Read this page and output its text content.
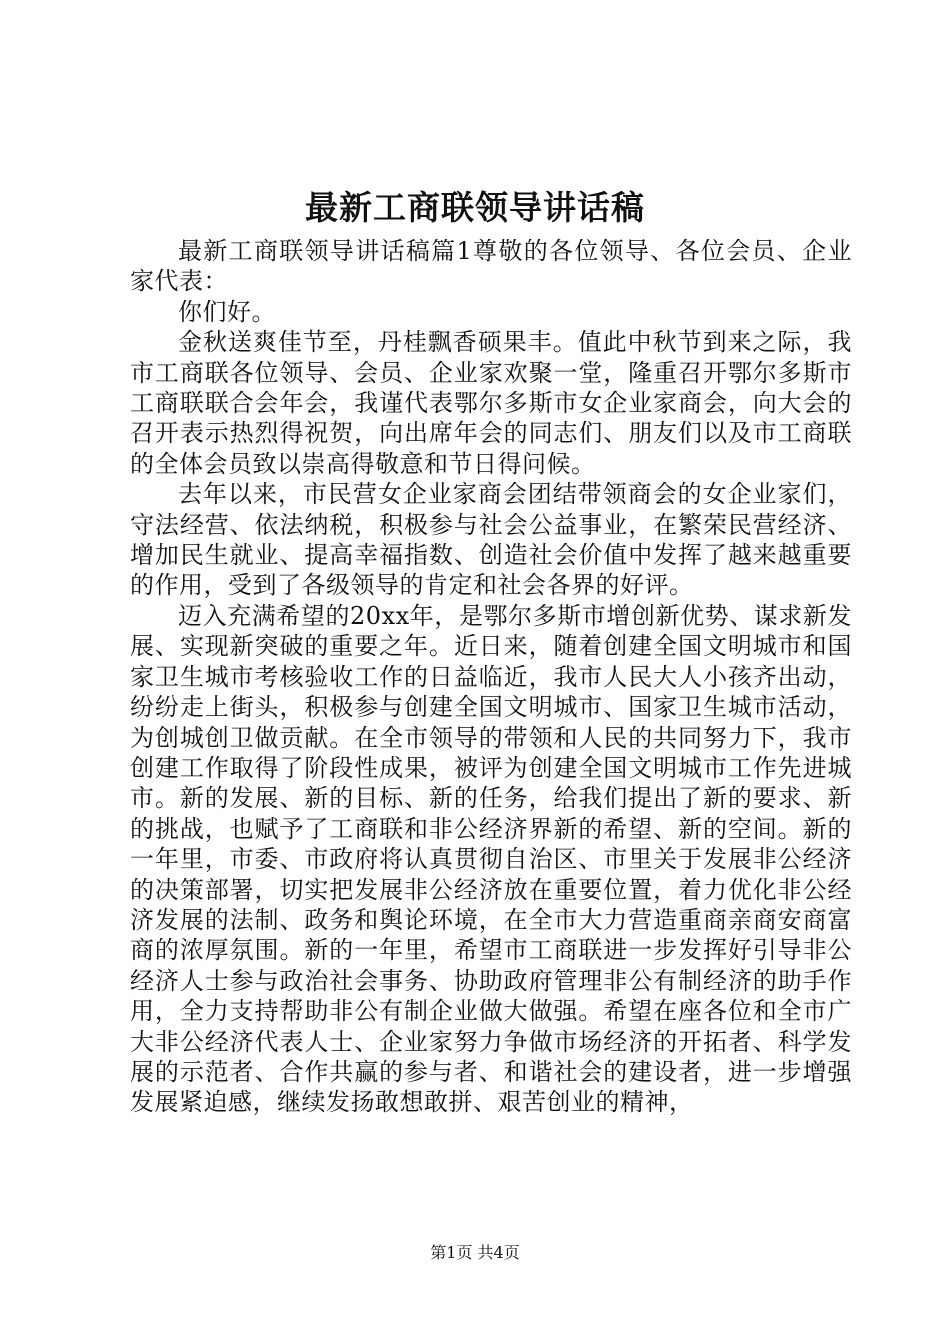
最新工商联领导讲话稿

最新工商联领导讲话稿篇1尊敬的各位领导、各位会员、企业家代表：

你们好。

金秋送爽佳节至，丹桂飘香硕果丰。值此中秋节到来之际，我市工商联各位领导、会员、企业家欢聚一堂，隆重召开鄂尔多斯市工商联联合会年会，我谨代表鄂尔多斯市女企业家商会，向大会的召开表示热烈得祝贺，向出席年会的同志们、朋友们以及市工商联的全体会员致以崇高得敬意和节日得问候。

去年以来，市民营女企业家商会团结带领商会的女企业家们，守法经营、依法纳税，积极参与社会公益事业，在繁荣民营经济、增加民生就业、提高幸福指数、创造社会价值中发挥了越来越重要的作用，受到了各级领导的肯定和社会各界的好评。

迈入充满希望的20xx年，是鄂尔多斯市增创新优势、谋求新发展、实现新突破的重要之年。近日来，随着创建全国文明城市和国家卫生城市考核验收工作的日益临近，我市人民大人小孩齐出动，纷纷走上街头，积极参与创建全国文明城市、国家卫生城市活动，为创城创卫做贡献。在全市领导的带领和人民的共同努力下，我市创建工作取得了阶段性成果，被评为创建全国文明城市工作先进城市。新的发展、新的目标、新的任务，给我们提出了新的要求、新的挑战，也赋予了工商联和非公经济界新的希望、新的空间。新的一年里，市委、市政府将认真贯彻自治区、市里关于发展非公经济的决策部署，切实把发展非公经济放在重要位置，着力优化非公经济发展的法制、政务和舆论环境，在全市大力营造重商亲商安商富商的浓厚氛围。新的一年里，希望市工商联进一步发挥好引导非公经济人士参与政治社会事务、协助政府管理非公有制经济的助手作用，全力支持帮助非公有制企业做大做强。希望在座各位和全市广大非公经济代表人士、企业家努力争做市场经济的开拓者、科学发展的示范者、合作共赢的参与者、和谐社会的建设者，进一步增强发展紧迫感，继续发扬敢想敢拼、艰苦创业的精神，

第1页 共4页
